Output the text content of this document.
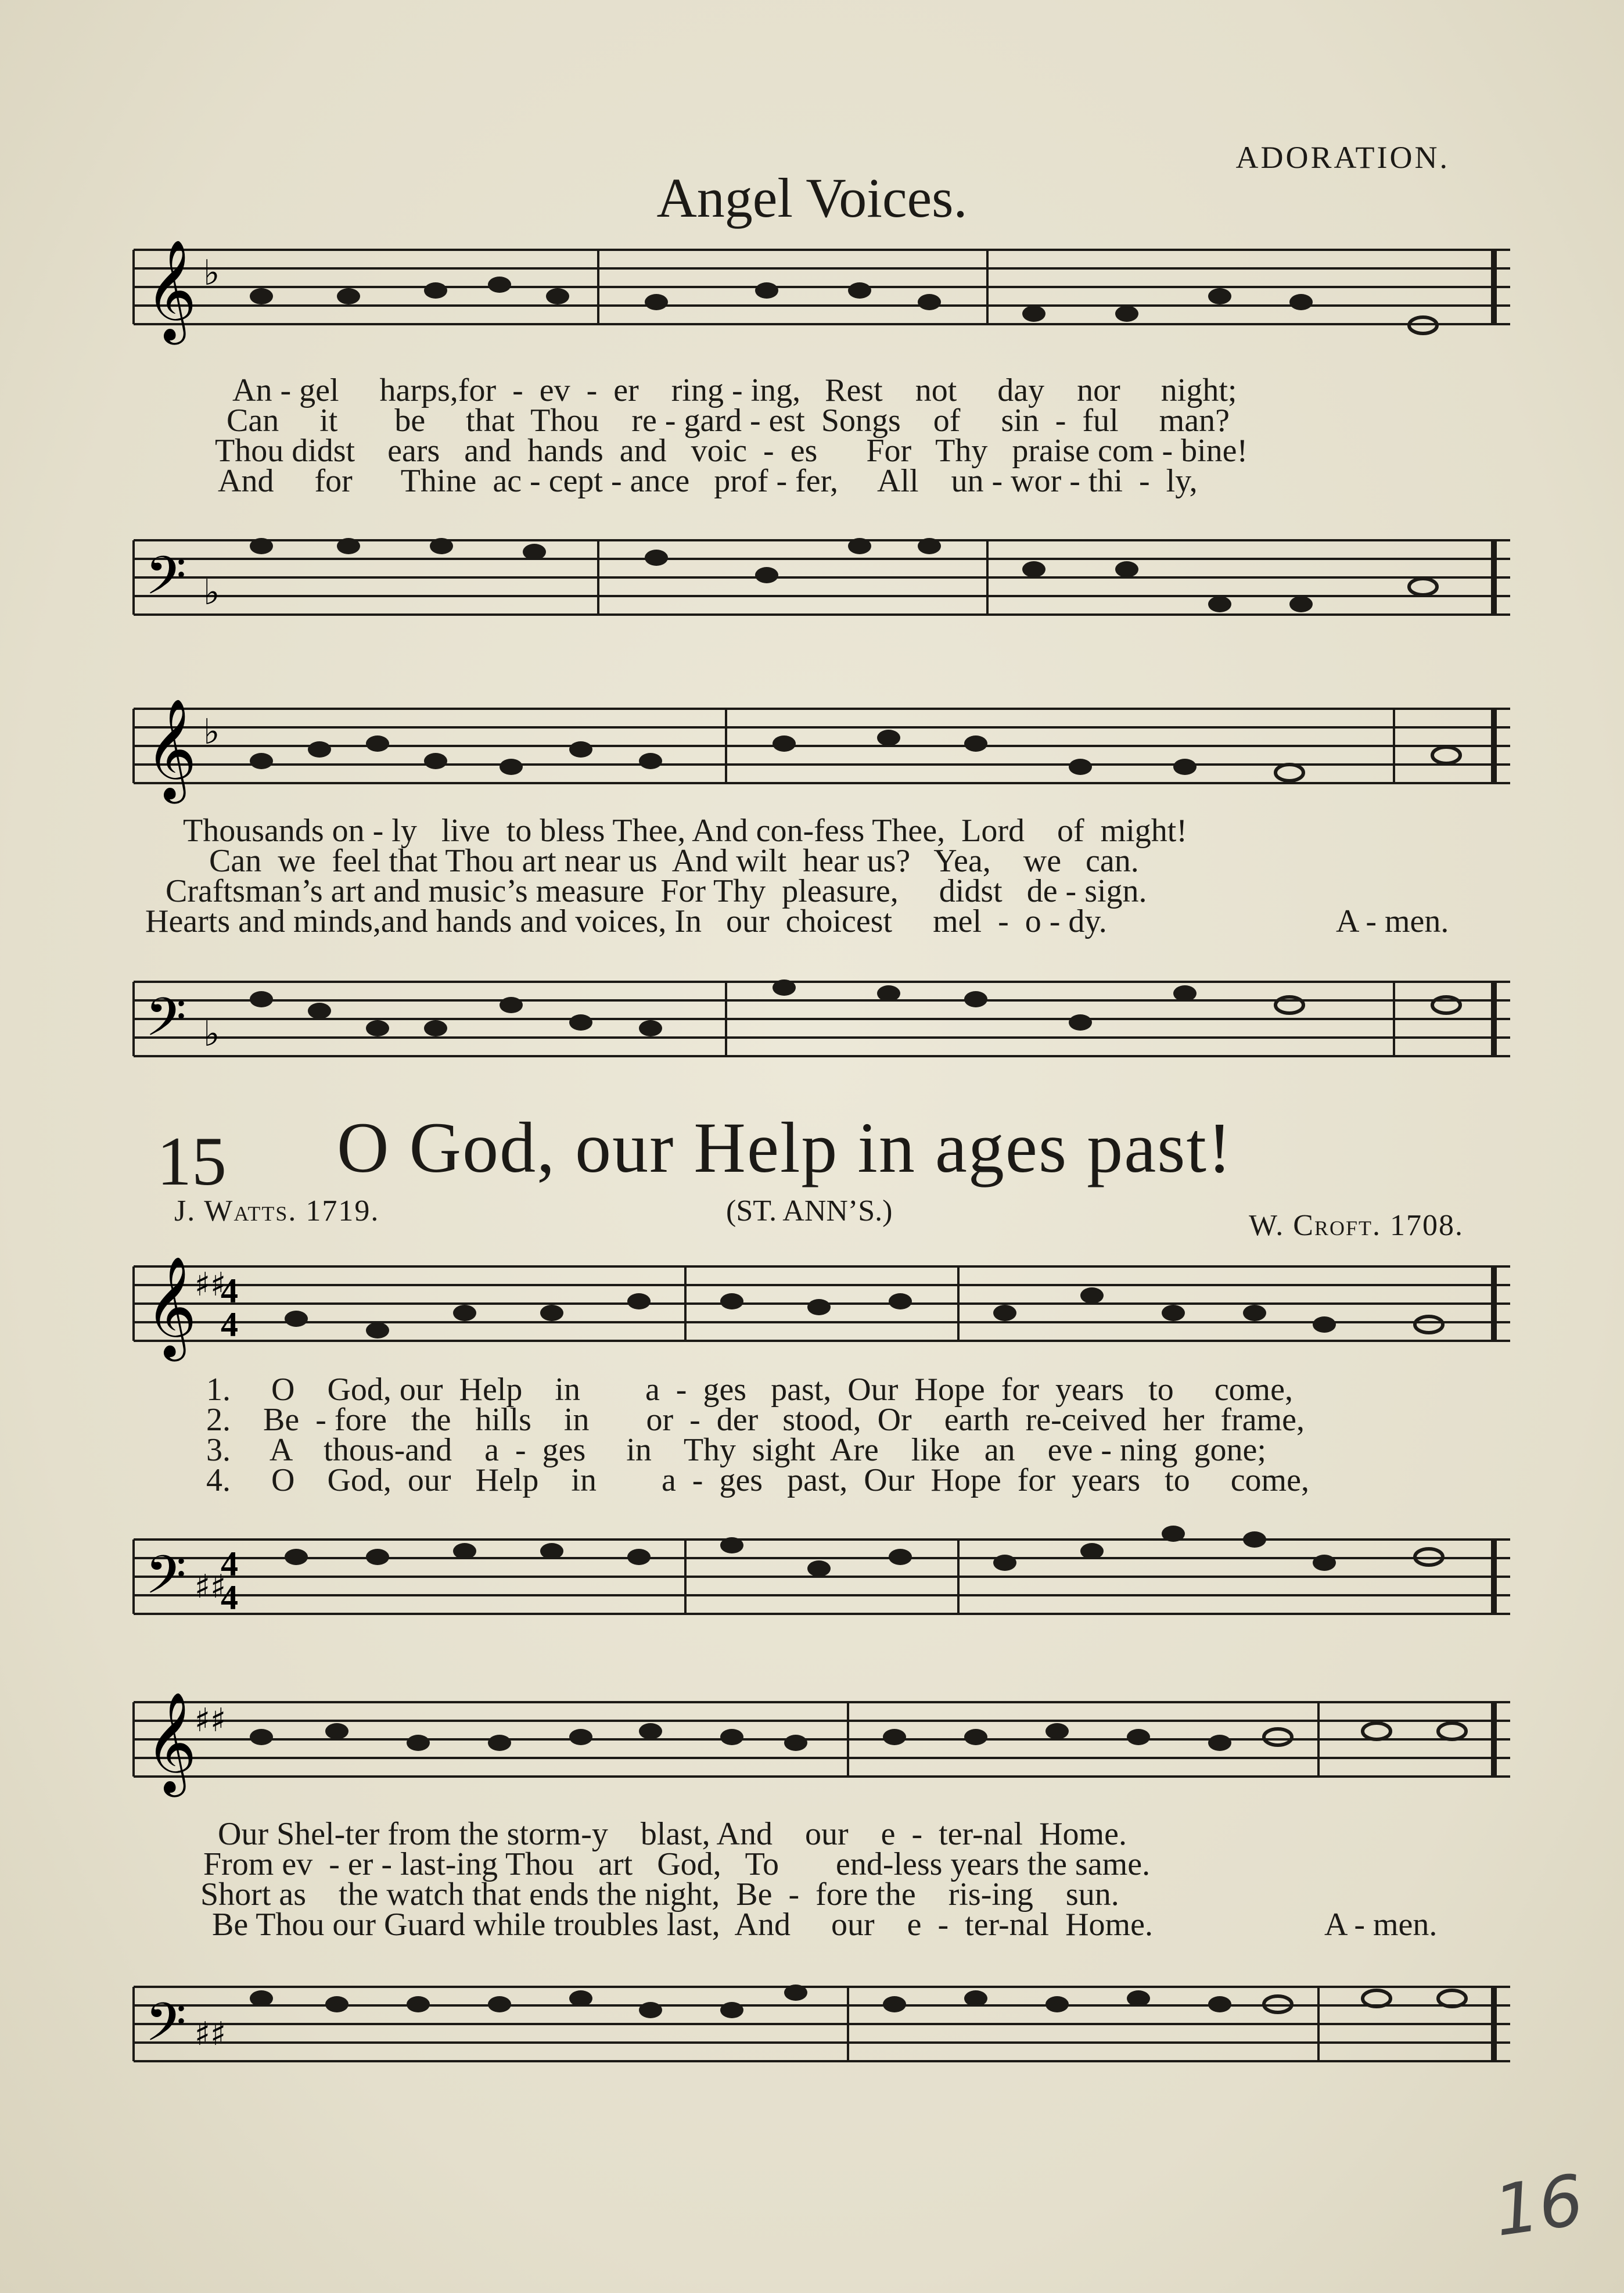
ADORATION.
Angel Voices.
𝄞 ♭
An - gel     harps,for  -  ev  -  er    ring - ing,   Rest    not     day    nor     night;
Can     it       be     that  Thou    re - gard - est  Songs    of     sin  -  ful     man?
Thou didst    ears   and  hands  and   voic  -  es      For   Thy   praise com - bine!
And     for      Thine  ac - cept - ance   prof - fer,     All    un - wor - thi  -  ly,
𝄢 ♭
𝄞 ♭
Thousands on - ly   live  to bless Thee, And con-fess Thee,  Lord    of  might!
Can  we  feel that Thou art near us  And wilt  hear us?   Yea,    we   can.
Craftsman’s art and music’s measure  For Thy  pleasure,     didst   de - sign.
Hearts and minds,and hands and voices, In   our  choicest     mel  -  o - dy.	A - men.
𝄢 ♭
15 O God, our Help in ages past!
J. Watts. 1719.	(ST. ANN’S.)	W. Croft. 1708.
𝄞
♯♯
4
4
1.     O    God, our  Help    in        a  -  ges   past,  Our  Hope  for  years   to     come,
2.    Be  - fore   the   hills    in       or  -  der   stood,  Or    earth  re-ceived  her  frame,
3.     A    thous-and    a  -  ges     in    Thy  sight  Are    like   an    eve - ning  gone;
4.     O    God,  our   Help    in        a  -  ges   past,  Our  Hope  for  years   to     come,
𝄢 ♯♯
4
4
𝄞
♯♯
Our Shel-ter from the storm-y    blast, And    our    e  -  ter-nal  Home.
From ev  - er - last-ing Thou   art   God,   To       end-less years the same.
Short as    the watch that ends the night,  Be  -  fore the    ris-ing    sun.
Be Thou our Guard while troubles last,  And     our    e  -  ter-nal  Home.	A - men.
𝄢 ♯♯
16
